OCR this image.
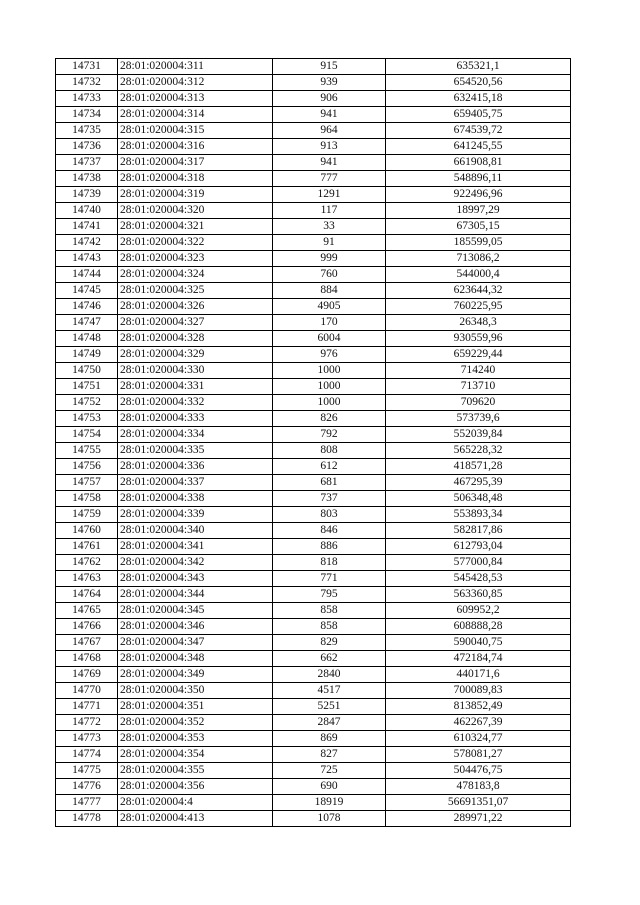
14731	28:01:020004:311	915	635321,1
14732	28:01:020004:312	939	654520,56
14733	28:01:020004:313	906	632415,18
14734	28:01:020004:314	941	659405,75
14735	28:01:020004:315	964	674539,72
14736	28:01:020004:316	913	641245,55
14737	28:01:020004:317	941	661908,81
14738	28:01:020004:318	777	548896,11
14739	28:01:020004:319	1291	922496,96
14740	28:01:020004:320	117	18997,29
14741	28:01:020004:321	33	67305,15
14742	28:01:020004:322	91	185599,05
14743	28:01:020004:323	999	713086,2
14744	28:01:020004:324	760	544000,4
14745	28:01:020004:325	884	623644,32
14746	28:01:020004:326	4905	760225,95
14747	28:01:020004:327	170	26348,3
14748	28:01:020004:328	6004	930559,96
14749	28:01:020004:329	976	659229,44
14750	28:01:020004:330	1000	714240
14751	28:01:020004:331	1000	713710
14752	28:01:020004:332	1000	709620
14753	28:01:020004:333	826	573739,6
14754	28:01:020004:334	792	552039,84
14755	28:01:020004:335	808	565228,32
14756	28:01:020004:336	612	418571,28
14757	28:01:020004:337	681	467295,39
14758	28:01:020004:338	737	506348,48
14759	28:01:020004:339	803	553893,34
14760	28:01:020004:340	846	582817,86
14761	28:01:020004:341	886	612793,04
14762	28:01:020004:342	818	577000,84
14763	28:01:020004:343	771	545428,53
14764	28:01:020004:344	795	563360,85
14765	28:01:020004:345	858	609952,2
14766	28:01:020004:346	858	608888,28
14767	28:01:020004:347	829	590040,75
14768	28:01:020004:348	662	472184,74
14769	28:01:020004:349	2840	440171,6
14770	28:01:020004:350	4517	700089,83
14771	28:01:020004:351	5251	813852,49
14772	28:01:020004:352	2847	462267,39
14773	28:01:020004:353	869	610324,77
14774	28:01:020004:354	827	578081,27
14775	28:01:020004:355	725	504476,75
14776	28:01:020004:356	690	478183,8
14777	28:01:020004:4	18919	56691351,07
14778	28:01:020004:413	1078	289971,22
